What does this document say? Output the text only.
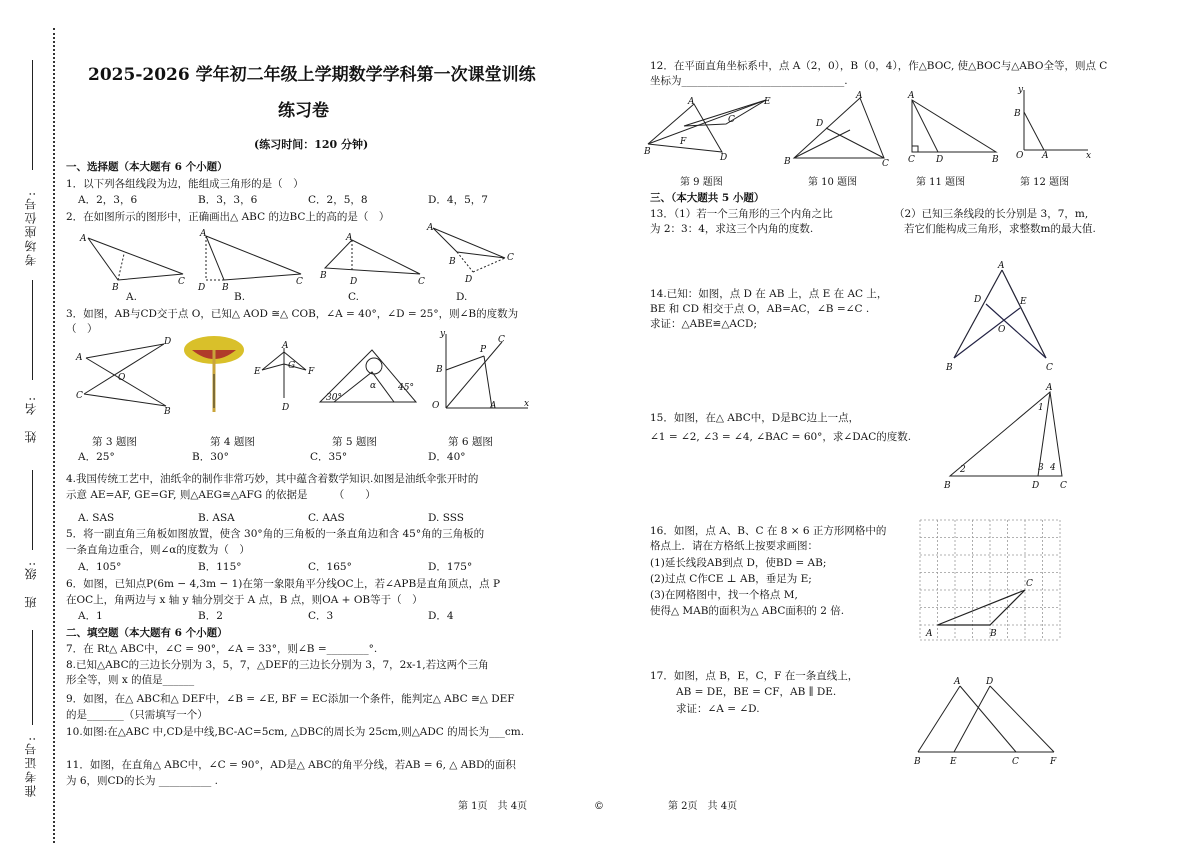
考场座位号:
姓　名:
班　级:
准考证号:
2025-2026 学年初二年级上学期数学学科第一次课堂训练
练习卷
(练习时间：120 分钟)
一、选择题（本大题有 6 个小题）
1．以下列各组线段为边，能组成三角形的是（　）
A．2，3，6	B．3，3，6	C．2，5，8	D．4，5，7
2．在如图所示的图形中，正确画出△ ABC 的边BC上的高的是（　）
A
B
C
A
D B
C
A
B
D	C
A
B
D
C
A.	B.	C.	D.
3．如图，AB与CD交于点 O，已知△ AOD ≅△ COB，∠A = 40°，∠D = 25°，则∠B的度数为
（　）
A
D
O
C
B
A
E	F
G
D
30°
45°
α
y
x
O
B
P
C
A
第 3 题图	第 4 题图	第 5 题图	第 6 题图
A．25°	B．30°	C．35°	D．40°
4.我国传统工艺中，油纸伞的制作非常巧妙，其中蕴含着数学知识.如图是油纸伞张开时的
示意 AE=AF, GE=GF, 则△AEG≅△AFG 的依据是　　　（　　）
A. SAS	B. ASA	C. AAS	D. SSS
5．将一副直角三角板如图放置，使含 30°角的三角板的一条直角边和含 45°角的三角板的
一条直角边重合，则∠α的度数为（　）
A．105°	B．115°	C．165°	D．175°
6．如图，已知点P(6m − 4,3m − 1)在第一象限角平分线OC上，若∠APB是直角顶点，点 P
在OC上，角两边与 x 轴 y 轴分别交于 A 点，B 点，则OA + OB等于（　）
A．1	B．2	C．3	D．4
二、填空题（本大题有 6 个小题）
7．在 Rt△ ABC中，∠C = 90°，∠A = 33°，则∠B =________°.
8.已知△ABC的三边长分别为 3，5，7，△DEF的三边长分别为 3，7，2x-1,若这两个三角
形全等，则 x 的值是______
9．如图，在△ ABC和△ DEF中，∠B = ∠E, BF = EC添加一个条件，能判定△ ABC ≅△ DEF
的是_______（只需填写一个）
10.如图:在△ABC 中,CD是中线,BC-AC=5cm, △DBC的周长为 25cm,则△ADC 的周长为___cm.
11．如图，在直角△ ABC中，∠C = 90°，AD是△ ABC的角平分线，若AB = 6, △ ABD的面积
为 6，则CD的长为 __________ .
12．在平面直角坐标系中，点 A（2，0），B（0，4），作△BOC, 使△BOC与△ABO全等，则点 C
坐标为_______________________________.
A	E
B
F
C
D
A
D
B	C
A
C D	B
y
x
B
O A
第 9 题图	第 10 题图	第 11 题图	第 12 题图
三、（本大题共 5 小题）
13．（1）若一个三角形的三个内角之比
为 2：3：4，求这三个内角的度数.
（2）已知三条线段的长分别是 3，7，m,
若它们能构成三角形，求整数m的最大值.
14.已知：如图，点 D 在 AB 上，点 E 在 AC 上，
BE 和 CD 相交于点 O，AB=AC，∠B =∠C .
求证：△ABE≌△ACD;
A
D	E
O
B	C
15．如图，在△ ABC中，D是BC边上一点，
∠1 = ∠2, ∠3 = ∠4, ∠BAC = 60°，求∠DAC的度数.
A
1
2	3 4
B	D C
16．如图，点 A、B、C 在 8 × 6 正方形网格中的
格点上．请在方格纸上按要求画图：
(1)延长线段AB到点 D，使BD = AB;
(2)过点 C作CE ⊥ AB，垂足为 E;
(3)在网格图中，找一个格点 M,
使得△ MAB的面积为△ ABC面积的 2 倍.
A	B
C
17．如图，点 B，E，C，F 在一条直线上，
AB = DE，BE = CF，AB ∥ DE.
求证：∠A = ∠D.
A	D
B	E	C	F
第 1页　共 4页	©	第 2页　共 4页
